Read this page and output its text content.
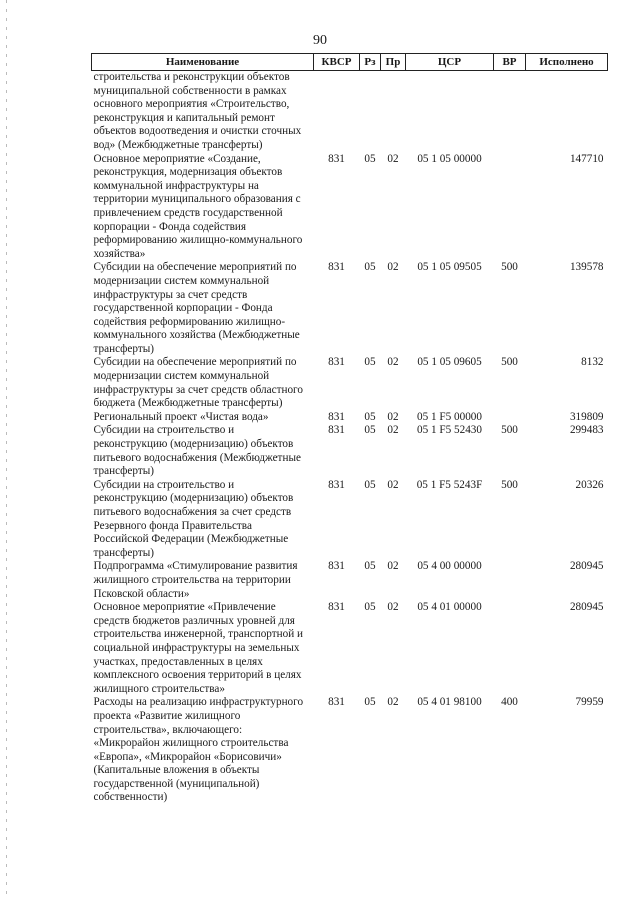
90
Наименование	КВСР	Рз	Пр	ЦСР	ВР	Исполнено
строительства и реконструкции объектов муниципальной собственности в рамках основного мероприятия «Строительство, реконструкция и капитальный ремонт объектов водоотведения и очистки сточных вод» (Межбюджетные трансферты)						
Основное мероприятие «Создание, реконструкция, модернизация объектов коммунальной инфраструктуры на территории муниципального образования с привлечением средств государственной корпорации - Фонда содействия реформированию жилищно-коммунального хозяйства»	831	05	02	05 1 05 00000		147710
Субсидии на обеспечение мероприятий по модернизации систем коммунальной инфраструктуры за счет средств государственной корпорации - Фонда содействия реформированию жилищно-коммунального хозяйства (Межбюджетные трансферты)	831	05	02	05 1 05 09505	500	139578
Субсидии на обеспечение мероприятий по модернизации систем коммунальной инфраструктуры за счет средств областного бюджета (Межбюджетные трансферты)	831	05	02	05 1 05 09605	500	8132
Региональный проект «Чистая вода»	831	05	02	05 1 F5 00000		319809
Субсидии на строительство и реконструкцию (модернизацию) объектов питьевого водоснабжения (Межбюджетные трансферты)	831	05	02	05 1 F5 52430	500	299483
Субсидии на строительство и реконструкцию (модернизацию) объектов питьевого водоснабжения за счет средств Резервного фонда Правительства Российской Федерации (Межбюджетные трансферты)	831	05	02	05 1 F5 5243F	500	20326
Подпрограмма «Стимулирование развития жилищного строительства на территории Псковской области»	831	05	02	05 4 00 00000		280945
Основное мероприятие «Привлечение средств бюджетов различных уровней для строительства инженерной, транспортной и социальной инфраструктуры на земельных участках, предоставленных в целях комплексного освоения территорий в целях жилищного строительства»	831	05	02	05 4 01 00000		280945
Расходы на реализацию инфраструктурного проекта «Развитие жилищного строительства», включающего: «Микрорайон жилищного строительства «Европа», «Микрорайон «Борисовичи» (Капитальные вложения в объекты государственной (муниципальной) собственности)	831	05	02	05 4 01 98100	400	79959
